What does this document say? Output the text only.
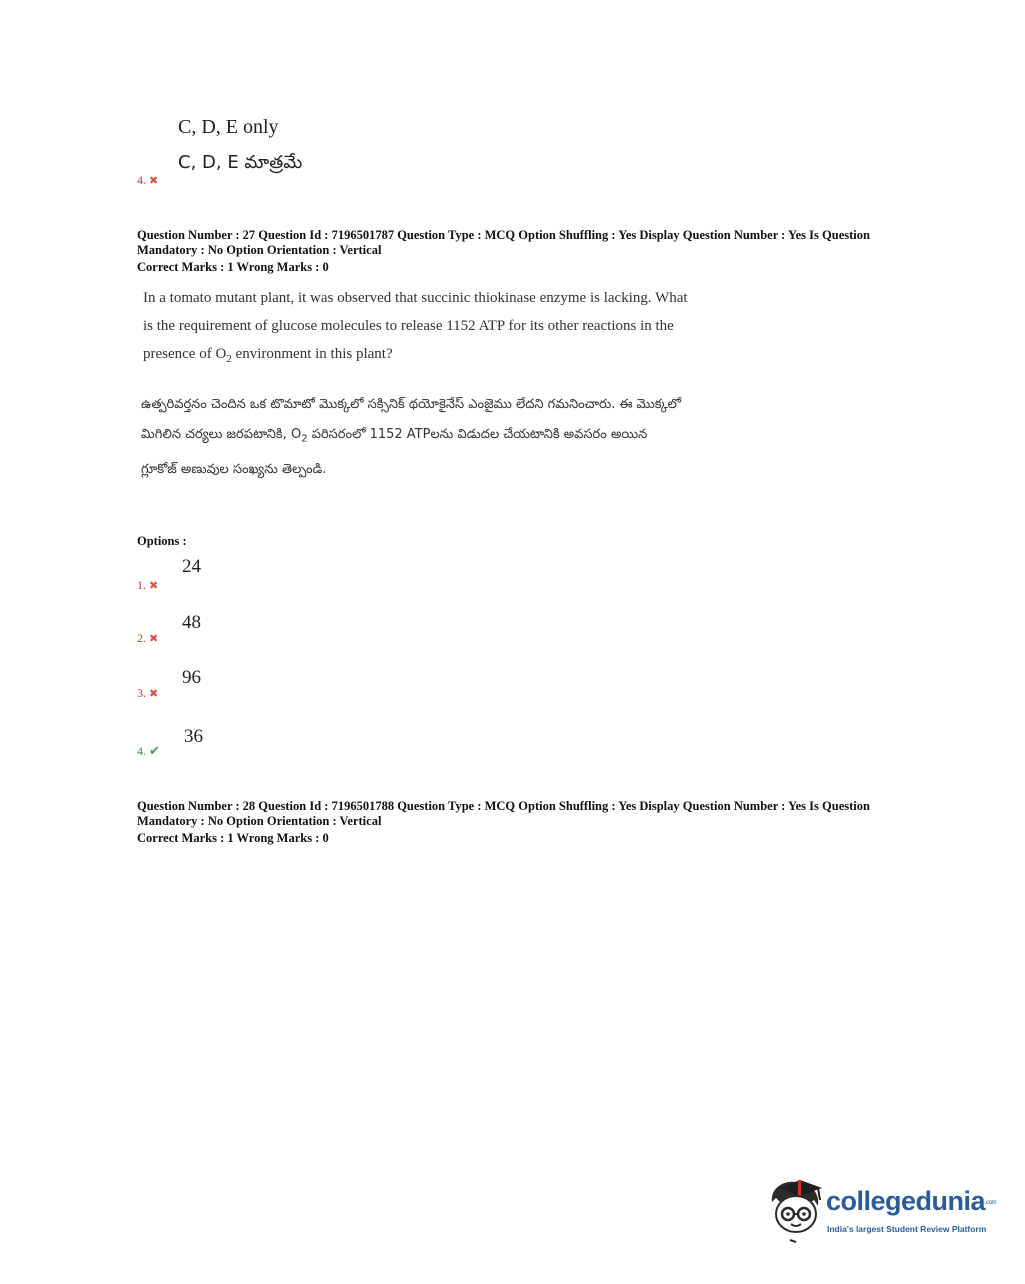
C, D, E only
C, D, E మాత్రమే
4. ✖
Question Number : 27 Question Id : 7196501787 Question Type : MCQ Option Shuffling : Yes Display Question Number : Yes Is Question
Mandatory : No Option Orientation : Vertical
Correct Marks : 1 Wrong Marks : 0
In a tomato mutant plant, it was observed that succinic thiokinase enzyme is lacking. What
is the requirement of glucose molecules to release 1152 ATP for its other reactions in the
presence of $O_2$ environment in this plant?
ఉత్పరివర్తనం చెందిన ఒక టొమాటో మొక్కలో సక్సినిక్ థయోకైనేస్ ఎంజైము లేదని గమనించారు. ఈ మొక్కలో
మిగిలిన చర్యలు జరపటానికి, $O_2$ పరిసరంలో 1152 ATPలను విడుదల చేయటానికి అవసరం అయిన
గ్లూకోజ్ అణువుల సంఖ్యను తెల్పండి.
Options :
24
1. ✖
48
2. ✖
96
3. ✖
36
4. ✔
Question Number : 28 Question Id : 7196501788 Question Type : MCQ Option Shuffling : Yes Display Question Number : Yes Is Question
Mandatory : No Option Orientation : Vertical
Correct Marks : 1 Wrong Marks : 0
collegedunia.com
India's largest Student Review Platform
